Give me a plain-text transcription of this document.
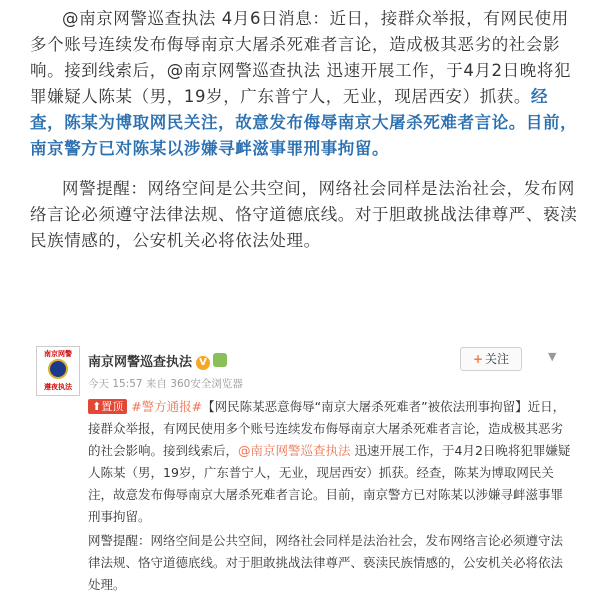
@南京网警巡查执法 4月6日消息：近日，接群众举报，有网民使用多个账号连续发布侮辱南京大屠杀死难者言论，造成极其恶劣的社会影响。接到线索后，@南京网警巡查执法 迅速开展工作，于4月2日晚将犯罪嫌疑人陈某（男，19岁，广东普宁人，无业，现居西安）抓获。经查，陈某为博取网民关注，故意发布侮辱南京大屠杀死难者言论。目前，南京警方已对陈某以涉嫌寻衅滋事罪刑事拘留。

网警提醒：网络空间是公共空间，网络社会同样是法治社会，发布网络言论必须遵守法律法规、恪守道德底线。对于胆敢挑战法律尊严、亵渎民族情感的，公安机关必将依法处理。

南京网警
遵夜执法
南京网警巡查执法 V	+ 关注	▼
今天 15:57 来自 360安全浏览器

⬆置顶 #警方通报#【网民陈某恶意侮辱“南京大屠杀死难者”被依法刑事拘留】近日，接群众举报，有网民使用多个账号连续发布侮辱南京大屠杀死难者言论，造成极其恶劣的社会影响。接到线索后，@南京网警巡查执法 迅速开展工作，于4月2日晚将犯罪嫌疑人陈某（男，19岁，广东普宁人，无业，现居西安）抓获。经查，陈某为博取网民关注，故意发布侮辱南京大屠杀死难者言论。目前，南京警方已对陈某以涉嫌寻衅滋事罪刑事拘留。

网警提醒：网络空间是公共空间，网络社会同样是法治社会，发布网络言论必须遵守法律法规、恪守道德底线。对于胆敢挑战法律尊严、亵渎民族情感的，公安机关必将依法处理。
